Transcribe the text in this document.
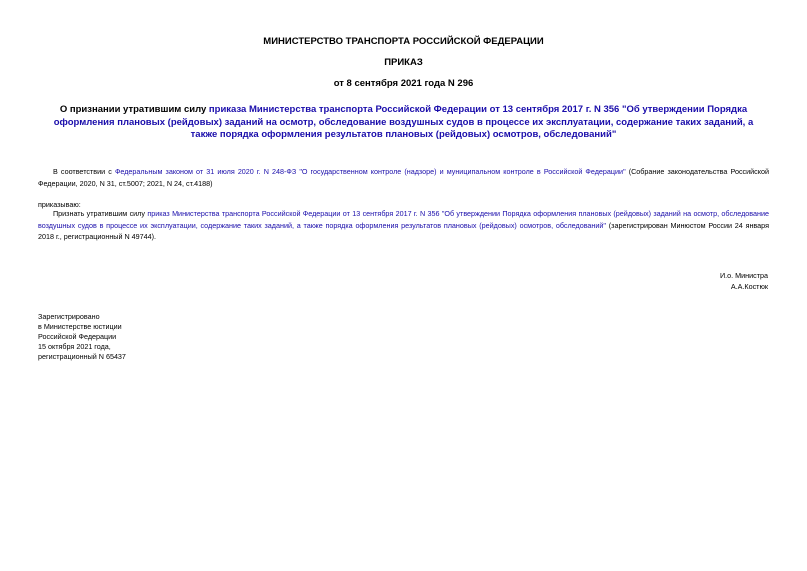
МИНИСТЕРСТВО ТРАНСПОРТА РОССИЙСКОЙ ФЕДЕРАЦИИ
ПРИКАЗ
от 8 сентября 2021 года N 296
О признании утратившим силу приказа Министерства транспорта Российской Федерации от 13 сентября 2017 г. N 356 "Об утверждении Порядка оформления плановых (рейдовых) заданий на осмотр, обследование воздушных судов в процессе их эксплуатации, содержание таких заданий, а также порядка оформления результатов плановых (рейдовых) осмотров, обследований"
В соответствии с Федеральным законом от 31 июля 2020 г. N 248-ФЗ "О государственном контроле (надзоре) и муниципальном контроле в Российской Федерации" (Собрание законодательства Российской Федерации, 2020, N 31, ст.5007; 2021, N 24, ст.4188)
приказываю:
Признать утратившим силу приказ Министерства транспорта Российской Федерации от 13 сентября 2017 г. N 356 "Об утверждении Порядка оформления плановых (рейдовых) заданий на осмотр, обследование воздушных судов в процессе их эксплуатации, содержание таких заданий, а также порядка оформления результатов плановых (рейдовых) осмотров, обследований" (зарегистрирован Минюстом России 24 января 2018 г., регистрационный N 49744).
И.о. Министра
А.А.Костюк
Зарегистрировано
в Министерстве юстиции
Российской Федерации
15 октября 2021 года,
регистрационный N 65437
